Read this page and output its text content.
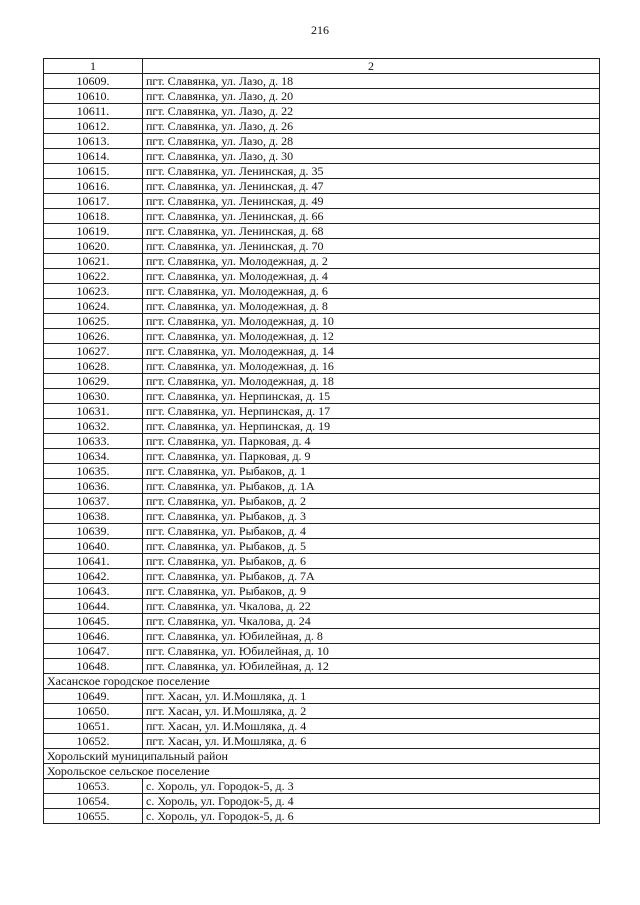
216
1	2
10609.	пгт. Славянка, ул. Лазо, д. 18
10610.	пгт. Славянка, ул. Лазо, д. 20
10611.	пгт. Славянка, ул. Лазо, д. 22
10612.	пгт. Славянка, ул. Лазо, д. 26
10613.	пгт. Славянка, ул. Лазо, д. 28
10614.	пгт. Славянка, ул. Лазо, д. 30
10615.	пгт. Славянка, ул. Ленинская, д. 35
10616.	пгт. Славянка, ул. Ленинская, д. 47
10617.	пгт. Славянка, ул. Ленинская, д. 49
10618.	пгт. Славянка, ул. Ленинская, д. 66
10619.	пгт. Славянка, ул. Ленинская, д. 68
10620.	пгт. Славянка, ул. Ленинская, д. 70
10621.	пгт. Славянка, ул. Молодежная, д. 2
10622.	пгт. Славянка, ул. Молодежная, д. 4
10623.	пгт. Славянка, ул. Молодежная, д. 6
10624.	пгт. Славянка, ул. Молодежная, д. 8
10625.	пгт. Славянка, ул. Молодежная, д. 10
10626.	пгт. Славянка, ул. Молодежная, д. 12
10627.	пгт. Славянка, ул. Молодежная, д. 14
10628.	пгт. Славянка, ул. Молодежная, д. 16
10629.	пгт. Славянка, ул. Молодежная, д. 18
10630.	пгт. Славянка, ул. Нерпинская, д. 15
10631.	пгт. Славянка, ул. Нерпинская, д. 17
10632.	пгт. Славянка, ул. Нерпинская, д. 19
10633.	пгт. Славянка, ул. Парковая, д. 4
10634.	пгт. Славянка, ул. Парковая, д. 9
10635.	пгт. Славянка, ул. Рыбаков, д. 1
10636.	пгт. Славянка, ул. Рыбаков, д. 1А
10637.	пгт. Славянка, ул. Рыбаков, д. 2
10638.	пгт. Славянка, ул. Рыбаков, д. 3
10639.	пгт. Славянка, ул. Рыбаков, д. 4
10640.	пгт. Славянка, ул. Рыбаков, д. 5
10641.	пгт. Славянка, ул. Рыбаков, д. 6
10642.	пгт. Славянка, ул. Рыбаков, д. 7А
10643.	пгт. Славянка, ул. Рыбаков, д. 9
10644.	пгт. Славянка, ул. Чкалова, д. 22
10645.	пгт. Славянка, ул. Чкалова, д. 24
10646.	пгт. Славянка, ул. Юбилейная, д. 8
10647.	пгт. Славянка, ул. Юбилейная, д. 10
10648.	пгт. Славянка, ул. Юбилейная, д. 12
Хасанское городское поселение	
10649.	пгт. Хасан, ул. И.Мошляка, д. 1
10650.	пгт. Хасан, ул. И.Мошляка, д. 2
10651.	пгт. Хасан, ул. И.Мошляка, д. 4
10652.	пгт. Хасан, ул. И.Мошляка, д. 6
Хорольский муниципальный район	
Хорольское сельское поселение	
10653.	с. Хороль, ул. Городок-5, д. 3
10654.	с. Хороль, ул. Городок-5, д. 4
10655.	с. Хороль, ул. Городок-5, д. 6
